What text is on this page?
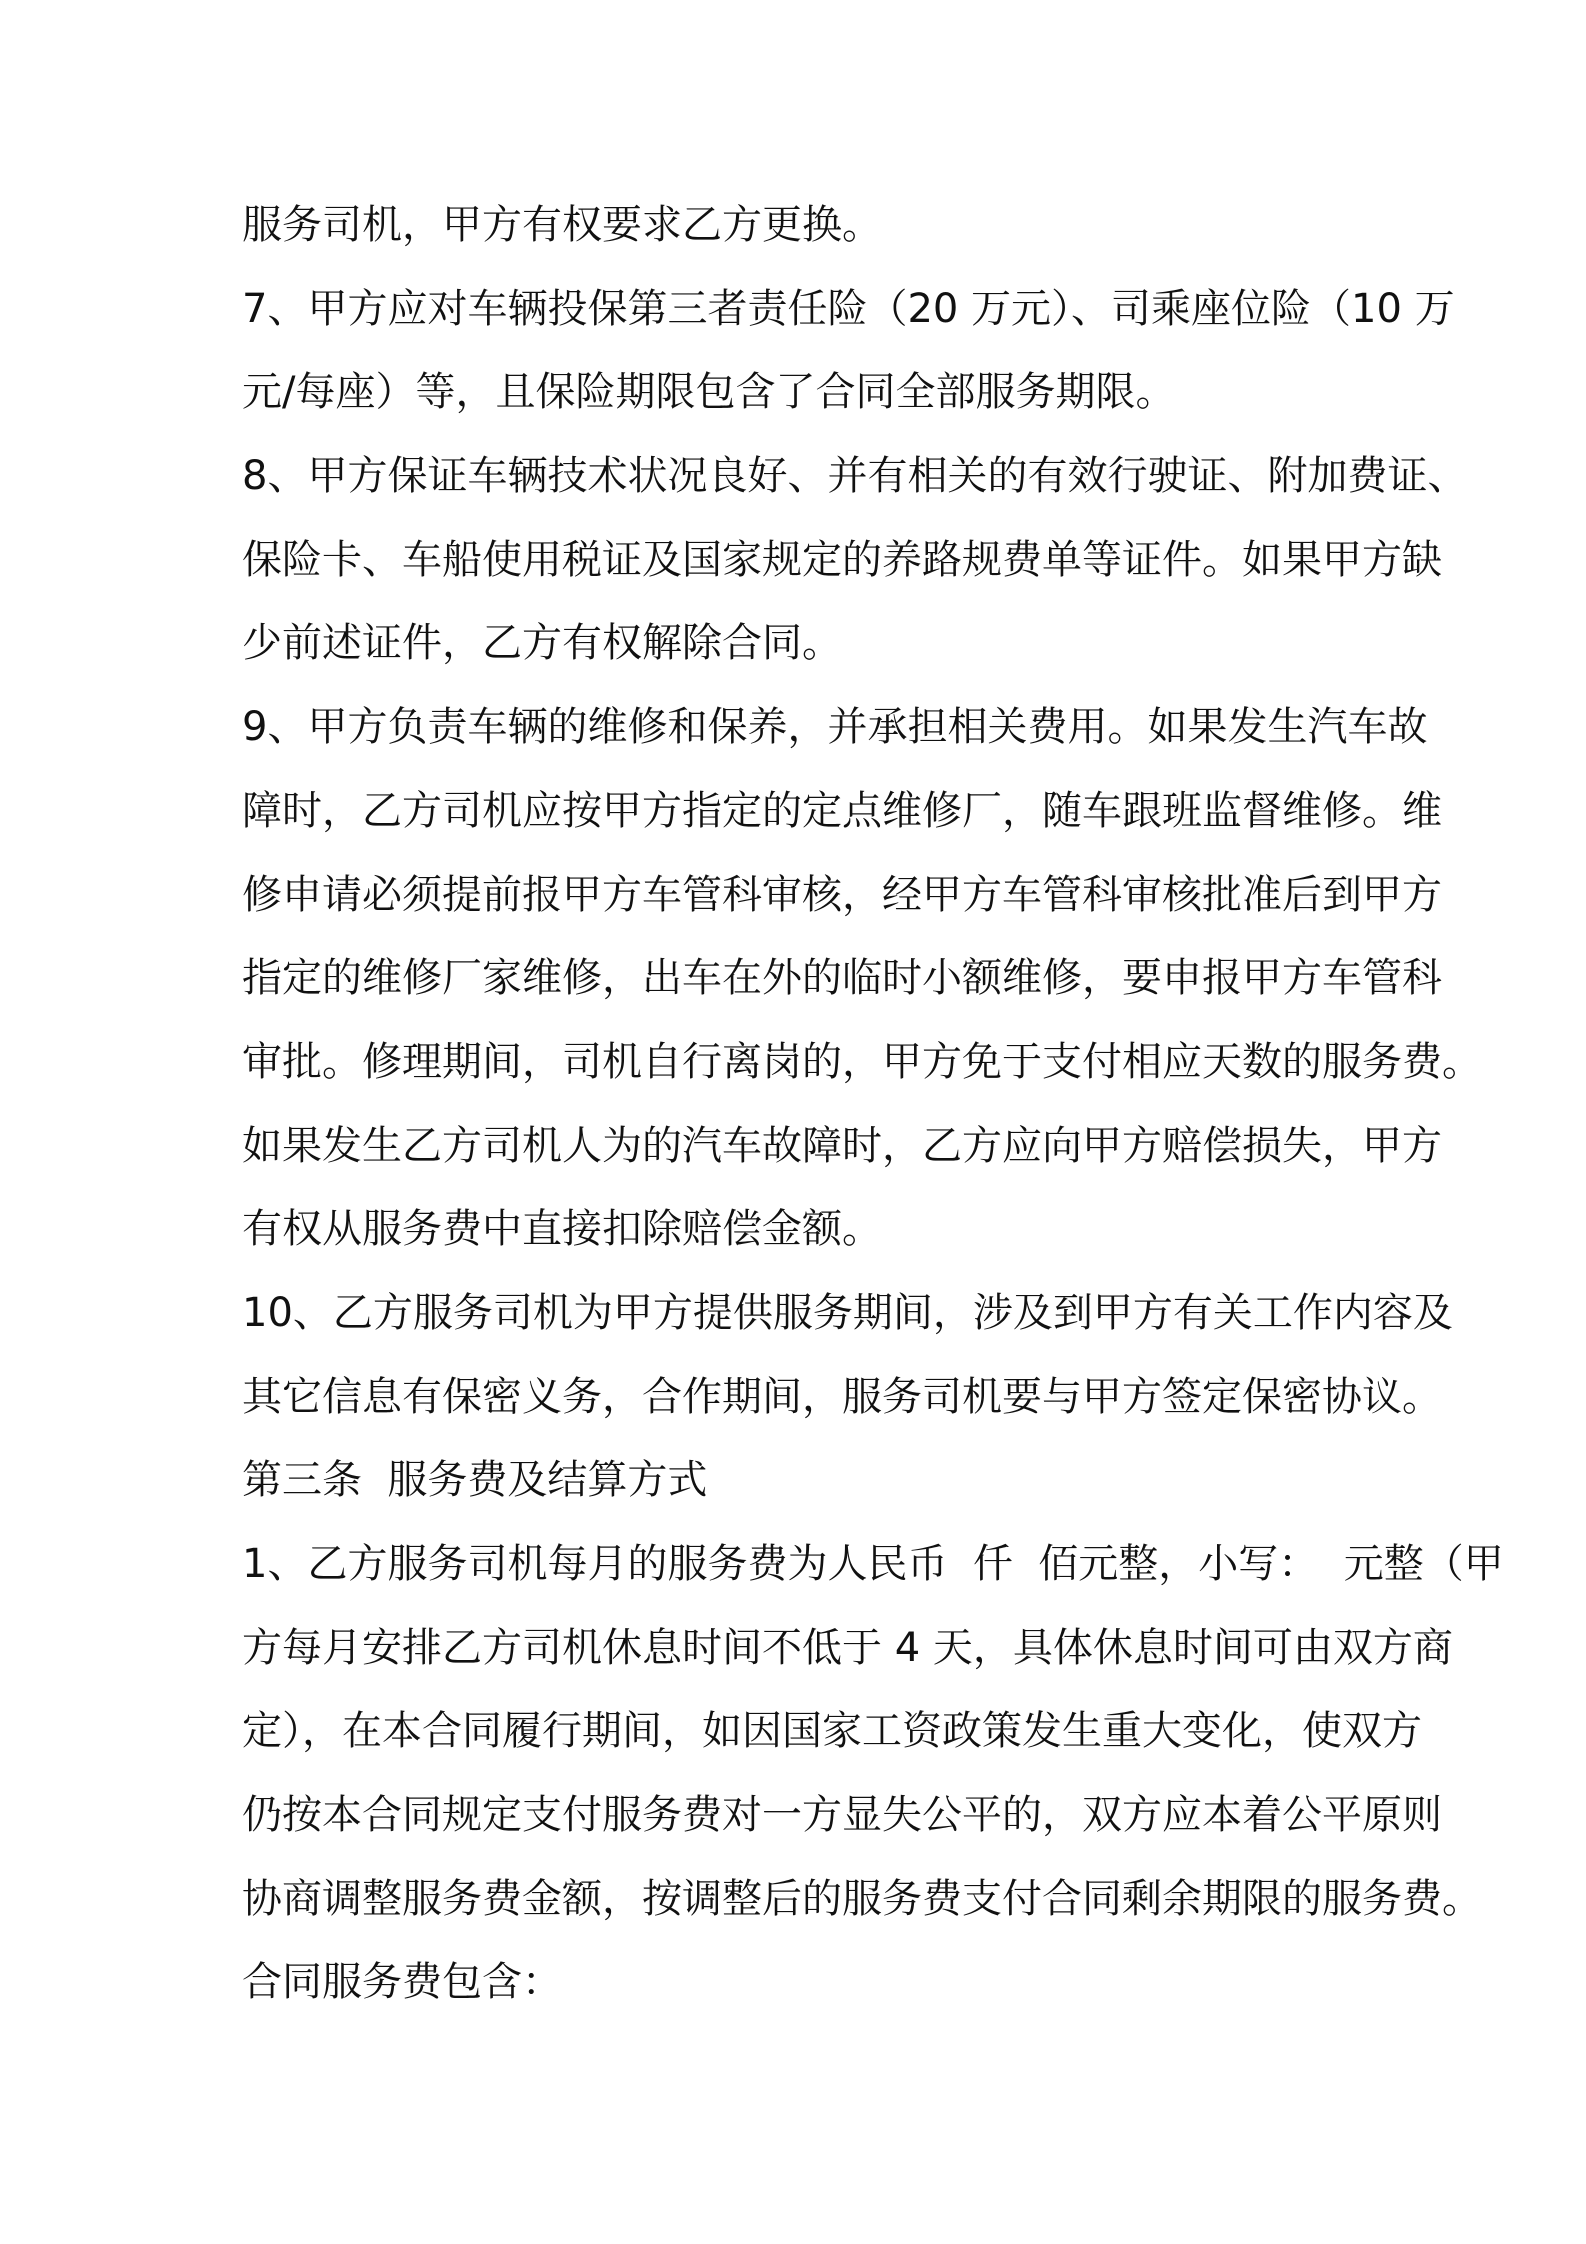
服务司机，甲方有权要求乙方更换。
7、甲方应对车辆投保第三者责任险（20 万元）、司乘座位险（10 万
元/每座）等，且保险期限包含了合同全部服务期限。
8、甲方保证车辆技术状况良好、并有相关的有效行驶证、附加费证、
保险卡、车船使用税证及国家规定的养路规费单等证件。如果甲方缺
少前述证件，乙方有权解除合同。
9、甲方负责车辆的维修和保养，并承担相关费用。如果发生汽车故
障时，乙方司机应按甲方指定的定点维修厂，随车跟班监督维修。维
修申请必须提前报甲方车管科审核，经甲方车管科审核批准后到甲方
指定的维修厂家维修，出车在外的临时小额维修，要申报甲方车管科
审批。修理期间，司机自行离岗的，甲方免于支付相应天数的服务费。
如果发生乙方司机人为的汽车故障时，乙方应向甲方赔偿损失，甲方
有权从服务费中直接扣除赔偿金额。
10、乙方服务司机为甲方提供服务期间，涉及到甲方有关工作内容及
其它信息有保密义务，合作期间，服务司机要与甲方签定保密协议。
第三条  服务费及结算方式
1、乙方服务司机每月的服务费为人民币  仟  佰元整，小写：  元整（甲
方每月安排乙方司机休息时间不低于 4 天，具体休息时间可由双方商
定），在本合同履行期间，如因国家工资政策发生重大变化，使双方
仍按本合同规定支付服务费对一方显失公平的，双方应本着公平原则
协商调整服务费金额，按调整后的服务费支付合同剩余期限的服务费。
合同服务费包含：
